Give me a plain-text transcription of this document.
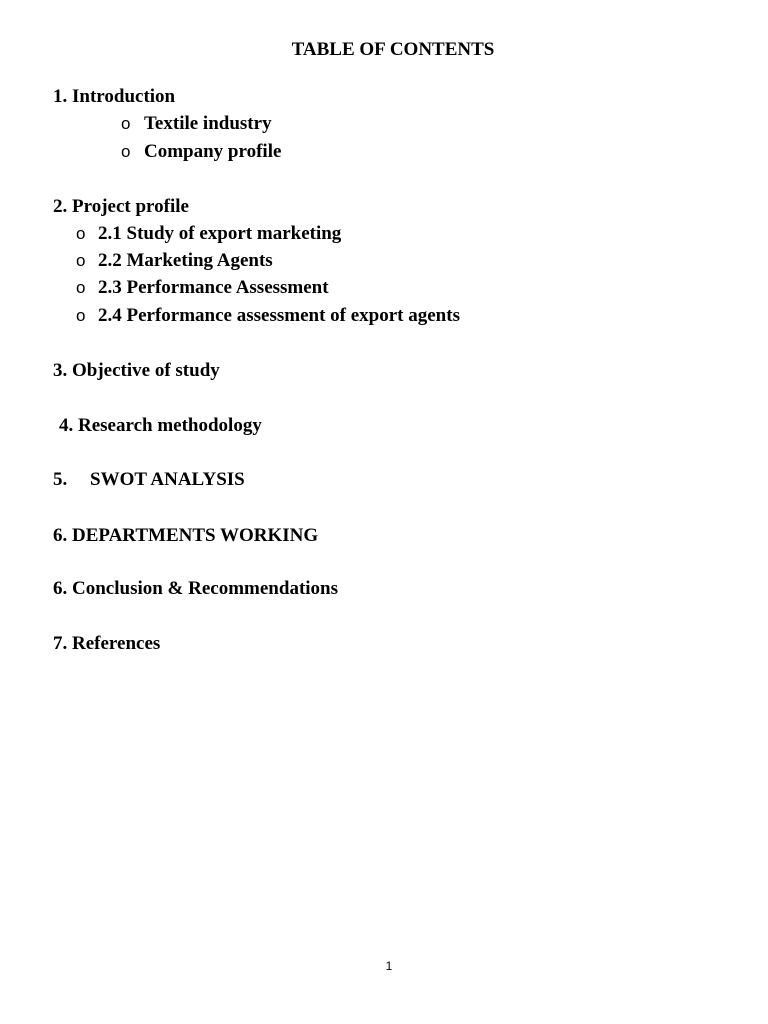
TABLE OF CONTENTS

1. Introduction

o Textile industry

o Company profile

2. Project profile

o 2.1 Study of export marketing

o 2.2 Marketing Agents

o 2.3 Performance Assessment

o 2.4 Performance assessment of export agents

3. Objective of study

4. Research methodology

5. SWOT ANALYSIS

6. DEPARTMENTS WORKING

6. Conclusion & Recommendations

7. References

1
